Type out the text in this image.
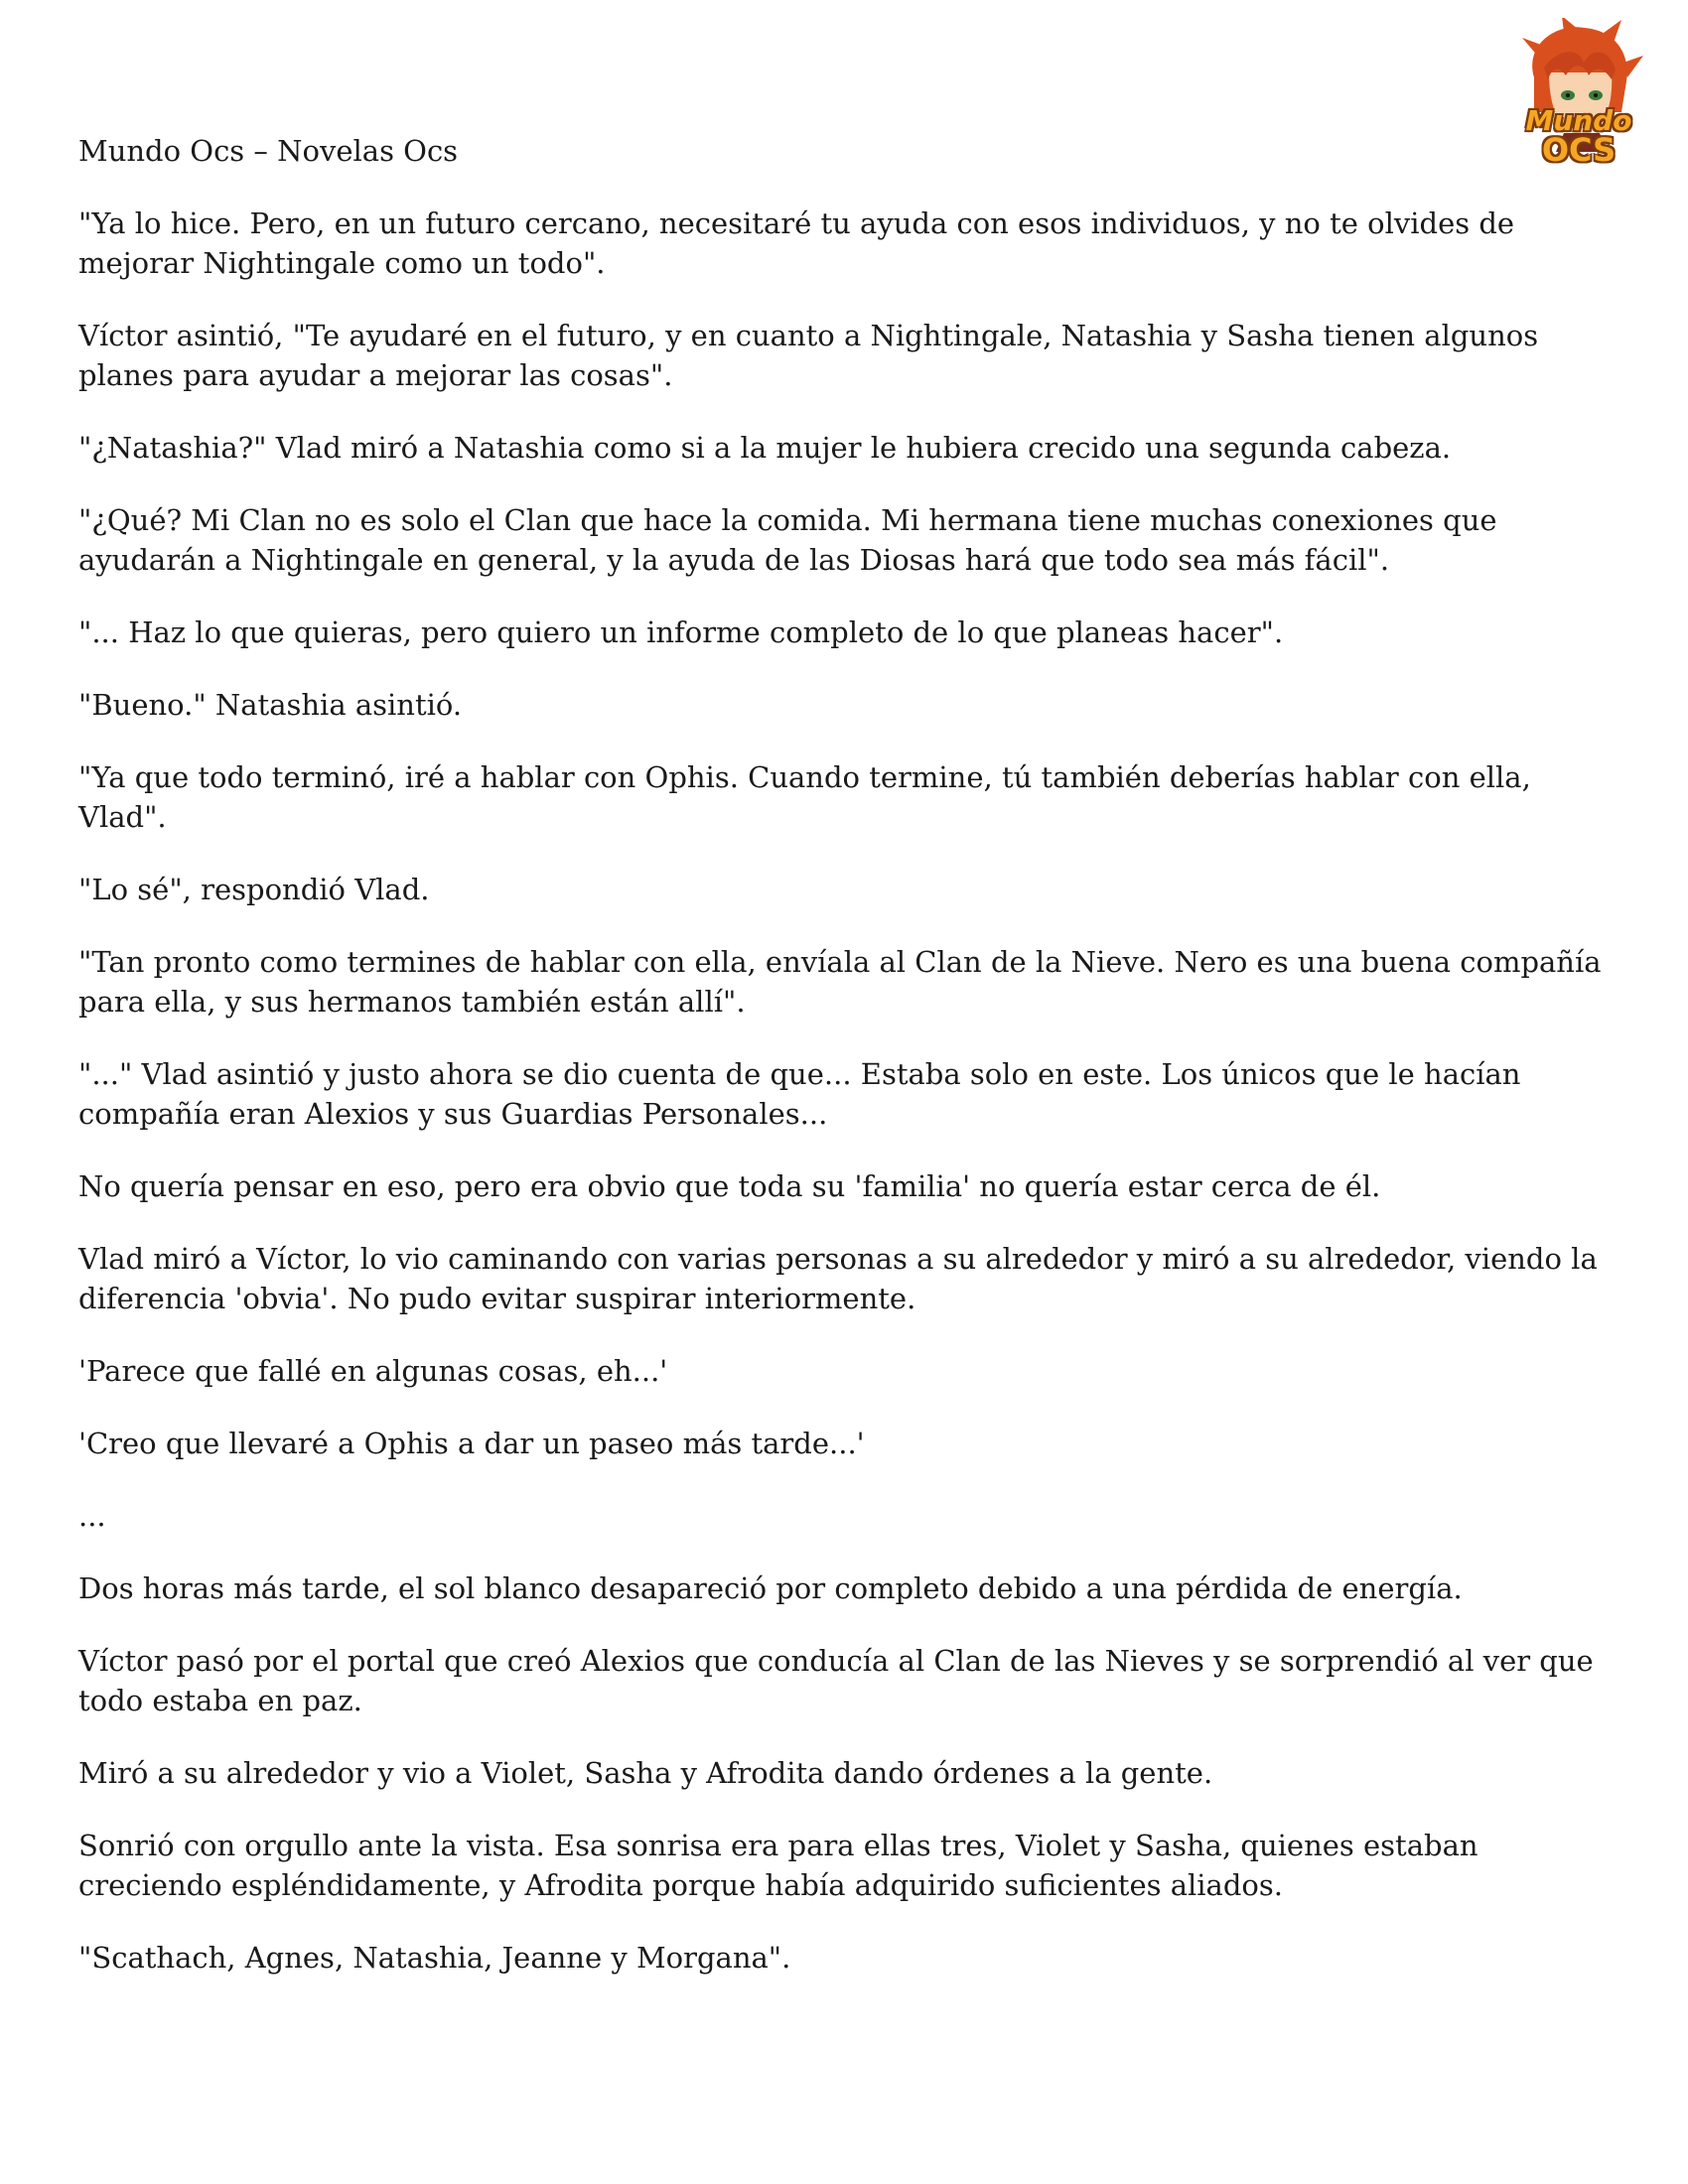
Mundo Ocs – Novelas Ocs
Mundo
OCS

"Ya lo hice. Pero, en un futuro cercano, necesitaré tu ayuda con esos individuos, y no te olvides de mejorar Nightingale como un todo".

Víctor asintió, "Te ayudaré en el futuro, y en cuanto a Nightingale, Natashia y Sasha tienen algunos planes para ayudar a mejorar las cosas".

"¿Natashia?" Vlad miró a Natashia como si a la mujer le hubiera crecido una segunda cabeza.

"¿Qué? Mi Clan no es solo el Clan que hace la comida. Mi hermana tiene muchas conexiones que ayudarán a Nightingale en general, y la ayuda de las Diosas hará que todo sea más fácil".

"... Haz lo que quieras, pero quiero un informe completo de lo que planeas hacer".

"Bueno." Natashia asintió.

"Ya que todo terminó, iré a hablar con Ophis. Cuando termine, tú también deberías hablar con ella, Vlad".

"Lo sé", respondió Vlad.

"Tan pronto como termines de hablar con ella, envíala al Clan de la Nieve. Nero es una buena compañía para ella, y sus hermanos también están allí".

"..." Vlad asintió y justo ahora se dio cuenta de que... Estaba solo en este. Los únicos que le hacían compañía eran Alexios y sus Guardias Personales...

No quería pensar en eso, pero era obvio que toda su 'familia' no quería estar cerca de él.

Vlad miró a Víctor, lo vio caminando con varias personas a su alrededor y miró a su alrededor, viendo la diferencia 'obvia'. No pudo evitar suspirar interiormente.

'Parece que fallé en algunas cosas, eh...'

'Creo que llevaré a Ophis a dar un paseo más tarde...'

...

Dos horas más tarde, el sol blanco desapareció por completo debido a una pérdida de energía.

Víctor pasó por el portal que creó Alexios que conducía al Clan de las Nieves y se sorprendió al ver que todo estaba en paz.

Miró a su alrededor y vio a Violet, Sasha y Afrodita dando órdenes a la gente.

Sonrió con orgullo ante la vista. Esa sonrisa era para ellas tres, Violet y Sasha, quienes estaban creciendo espléndidamente, y Afrodita porque había adquirido suficientes aliados.

"Scathach, Agnes, Natashia, Jeanne y Morgana".
